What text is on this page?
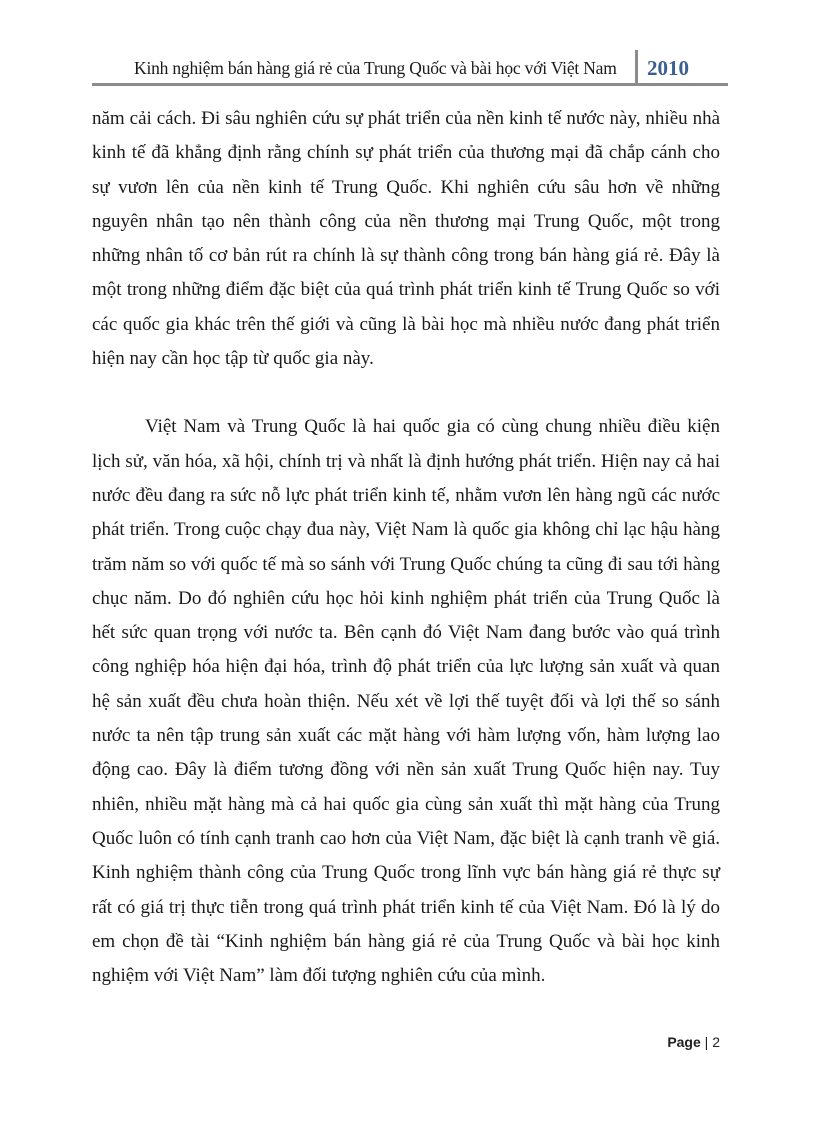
Kinh nghiệm bán hàng giá rẻ của Trung Quốc và bài học với Việt Nam	2010

năm cải cách. Đi sâu nghiên cứu sự phát triển của nền kinh tế nước này, nhiều nhà kinh tế đã khẳng định rằng chính sự phát triển của thương mại đã chắp cánh cho sự vươn lên của nền kinh tế Trung Quốc. Khi nghiên cứu sâu hơn về những nguyên nhân tạo nên thành công của nền thương mại Trung Quốc, một trong những nhân tố cơ bản rút ra chính là sự thành công trong bán hàng giá rẻ. Đây là một trong những điểm đặc biệt của quá trình phát triển kinh tế Trung Quốc so với các quốc gia khác trên thế giới và cũng là bài học mà nhiều nước đang phát triển hiện nay cần học tập từ quốc gia này.

Việt Nam và Trung Quốc là hai quốc gia có cùng chung nhiều điều kiện lịch sử, văn hóa, xã hội, chính trị và nhất là định hướng phát triển. Hiện nay cả hai nước đều đang ra sức nỗ lực phát triển kinh tế, nhằm vươn lên hàng ngũ các nước phát triển. Trong cuộc chạy đua này, Việt Nam là quốc gia không chỉ lạc hậu hàng trăm năm so với quốc tế mà so sánh với Trung Quốc chúng ta cũng đi sau tới hàng chục năm. Do đó nghiên cứu học hỏi kinh nghiệm phát triển của Trung Quốc là hết sức quan trọng với nước ta. Bên cạnh đó Việt Nam đang bước vào quá trình công nghiệp hóa hiện đại hóa, trình độ phát triển của lực lượng sản xuất và quan hệ sản xuất đều chưa hoàn thiện. Nếu xét về lợi thế tuyệt đối và lợi thế so sánh nước ta nên tập trung sản xuất các mặt hàng với hàm lượng vốn, hàm lượng lao động cao. Đây là điểm tương đồng với nền sản xuất Trung Quốc hiện nay. Tuy nhiên, nhiều mặt hàng mà cả hai quốc gia cùng sản xuất thì mặt hàng của Trung Quốc luôn có tính cạnh tranh cao hơn của Việt Nam, đặc biệt là cạnh tranh về giá. Kinh nghiệm thành công của Trung Quốc trong lĩnh vực bán hàng giá rẻ thực sự rất có giá trị thực tiễn trong quá trình phát triển kinh tế của Việt Nam. Đó là lý do em chọn đề tài “Kinh nghiệm bán hàng giá rẻ của Trung Quốc và bài học kinh nghiệm với Việt Nam” làm đối tượng nghiên cứu của mình.

Page | 2
